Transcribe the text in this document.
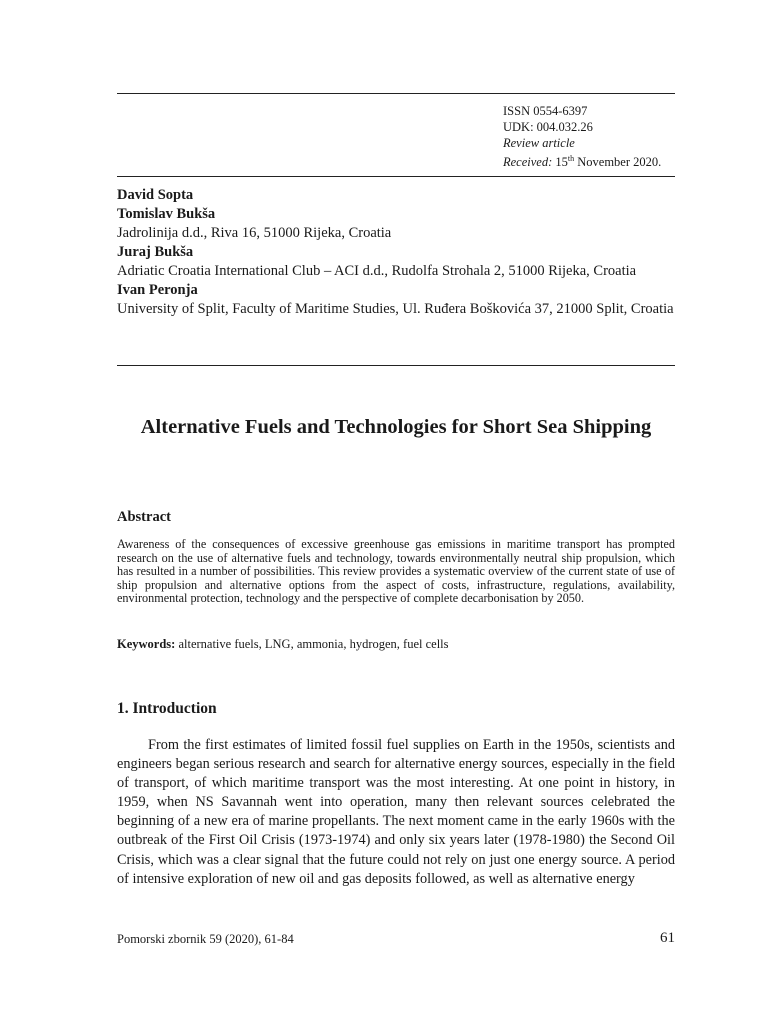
ISSN 0554-6397
UDK: 004.032.26
Review article
Received: 15th November 2020.
David Sopta
Tomislav Bukša
Jadrolinija d.d., Riva 16, 51000 Rijeka, Croatia
Juraj Bukša
Adriatic Croatia International Club – ACI d.d., Rudolfa Strohala 2, 51000 Rijeka, Croatia
Ivan Peronja
University of Split, Faculty of Maritime Studies, Ul. Ruđera Boškovića 37, 21000 Split, Croatia
Alternative Fuels and Technologies for Short Sea Shipping
Abstract
Awareness of the consequences of excessive greenhouse gas emissions in maritime transport has prompted research on the use of alternative fuels and technology, towards environmentally neutral ship propulsion, which has resulted in a number of possibilities. This review provides a systematic overview of the current state of use of ship propulsion and alternative options from the aspect of costs, infrastructure, regulations, availability, environmental protection, technology and the perspective of complete decarbonisation by 2050.
Keywords: alternative fuels, LNG, ammonia, hydrogen, fuel cells
1. Introduction
From the first estimates of limited fossil fuel supplies on Earth in the 1950s, scientists and engineers began serious research and search for alternative energy sources, especially in the field of transport, of which maritime transport was the most interesting. At one point in history, in 1959, when NS Savannah went into operation, many then relevant sources celebrated the beginning of a new era of marine propellants. The next moment came in the early 1960s with the outbreak of the First Oil Crisis (1973-1974) and only six years later (1978-1980) the Second Oil Crisis, which was a clear signal that the future could not rely on just one energy source. A period of intensive exploration of new oil and gas deposits followed, as well as alternative energy
Pomorski zbornik 59 (2020), 61-84	61
